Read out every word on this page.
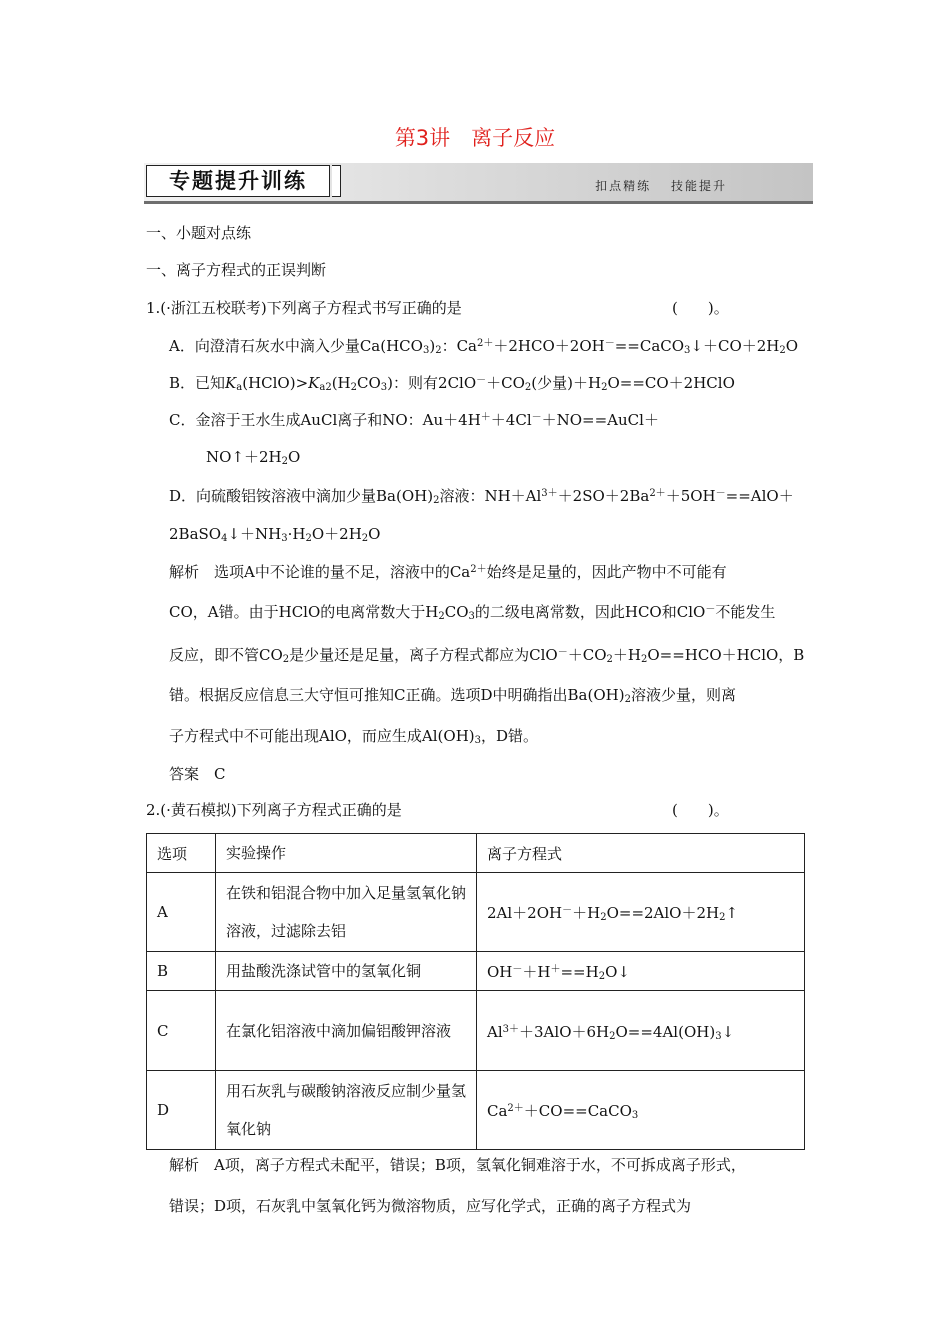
第3讲　离子反应
专题提升训练	扣点精练　 技能提升
一、小题对点练
一、离子方程式的正误判断
1.(·浙江五校联考)下列离子方程式书写正确的是	(　　)。
A．向澄清石灰水中滴入少量$Ca(HCO_3)_2$：$Ca^{2+}+2HCO+2OH^-==CaCO_3↓+CO+2H_2O$
B．已知$K_a(HClO)>K_{a2}(H_2CO_3)$：则有$2ClO^-+CO_2$(少量)$+H_2O==CO+2HClO$
C．金溶于王水生成AuCl离子和NO：Au＋4H＋＋4Cl－＋NO==AuCl＋
$NO↑+2H_2O$
D．向硫酸铝铵溶液中滴加少量$Ba(OH)_2$溶液：$NH+Al^{3+}+2SO+2Ba^{2+}+5OH^-==AlO+$
$2BaSO_4↓+NH_3\cdot H_2O+2H_2O$
解析　选项A中不论谁的量不足，溶液中的$Ca^{2+}$始终是足量的，因此产物中不可能有
CO，A错。由于HClO的电离常数大于$H_2CO_3$的二级电离常数，因此HCO和ClO－不能发生
反应，即不管$CO_2$是少量还是足量，离子方程式都应为$ClO^-+CO_2+H_2O==HCO+HClO$，B
错。根据反应信息三大守恒可推知C正确。选项D中明确指出$Ba(OH)_2$溶液少量，则离
子方程式中不可能出现AlO，而应生成$Al(OH)_3$，D错。
答案　C
2.(·黄石模拟)下列离子方程式正确的是	(　　)。
选项	实验操作	离子方程式
A	在铁和铝混合物中加入足量氢氧化钠溶液，过滤除去铝	$2Al+2OH^-+H_2O==2AlO+2H_2↑$
B	用盐酸洗涤试管中的氢氧化铜	$OH^-+H^+==H_2O↓$
C	在氯化铝溶液中滴加偏铝酸钾溶液	$Al^{3+}+3AlO+6H_2O==4Al(OH)_3↓$
D	用石灰乳与碳酸钠溶液反应制少量氢氧化钠	$Ca^{2+}+CO==CaCO_3$
解析　A项，离子方程式未配平，错误；B项，氢氧化铜难溶于水，不可拆成离子形式，
错误；D项，石灰乳中氢氧化钙为微溶物质，应写化学式，正确的离子方程式为
